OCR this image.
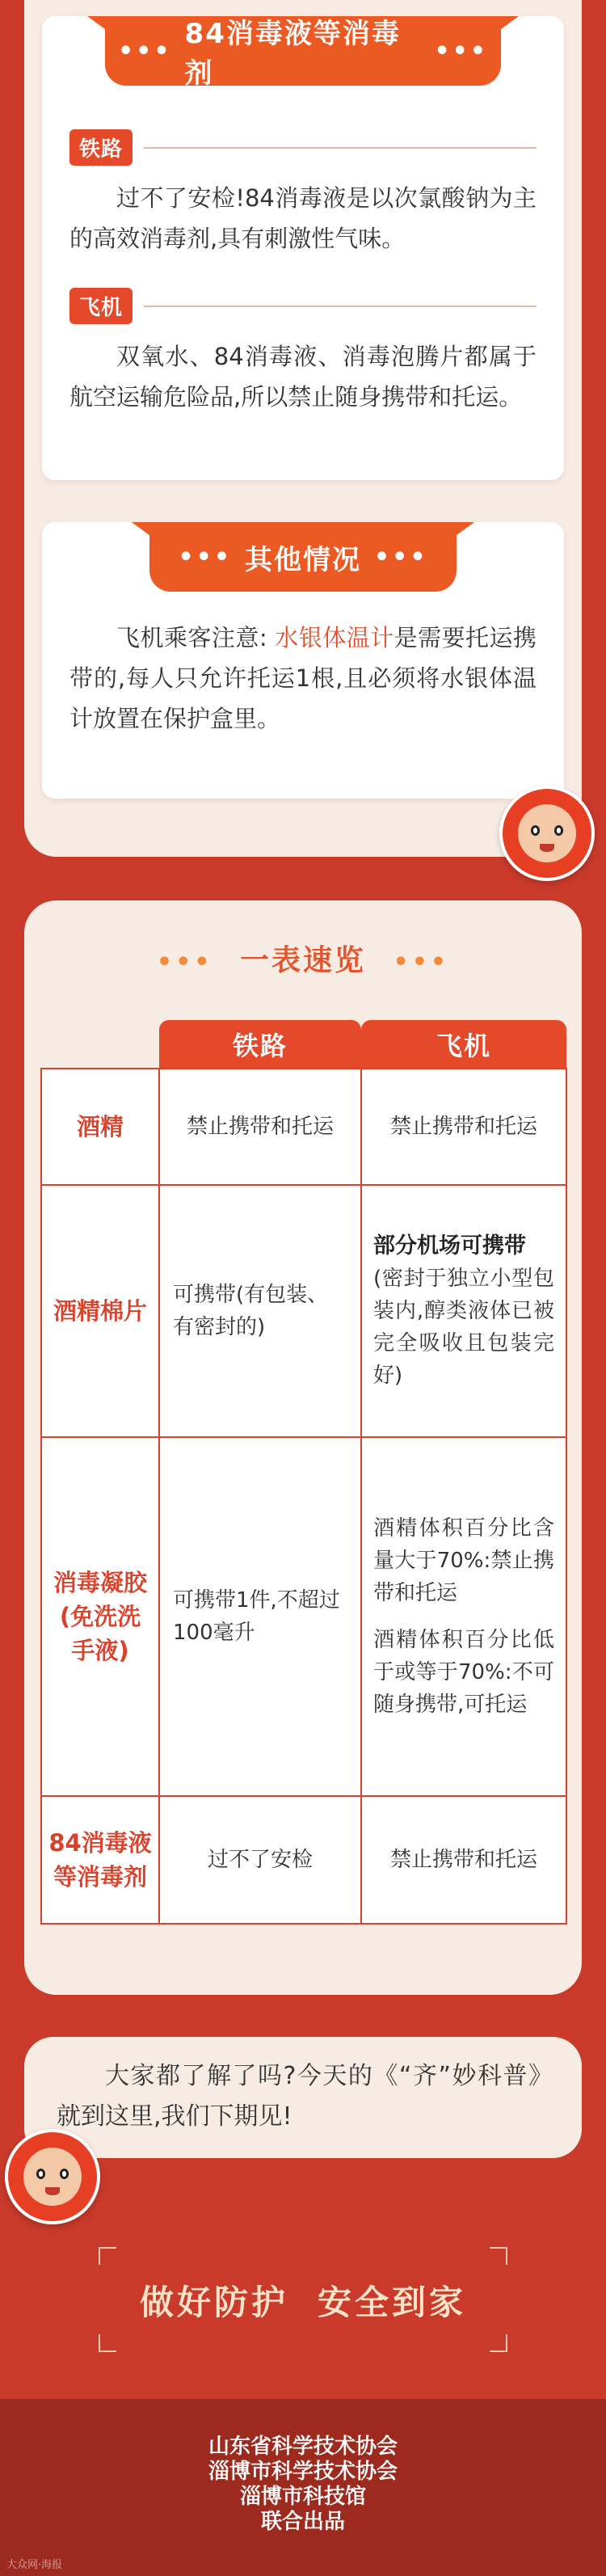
•••
84消毒液等消毒剂
•••
铁路

过不了安检!84消毒液是以次氯酸钠为主的高效消毒剂,具有刺激性气味。

飞机

双氧水、84消毒液、消毒泡腾片都属于航空运输危险品,所以禁止随身携带和托运。

••• 其他情况 •••

飞机乘客注意: 水银体温计是需要托运携带的,每人只允许托运1根,且必须将水银体温计放置在保护盒里。

••• 一表速览 •••
	铁路	飞机
酒精	禁止携带和托运	禁止携带和托运
酒精棉片	可携带(有包装、有密封的)	部分机场可携带
(密封于独立小型包装内,醇类液体已被完全吸收且包装完好)

消毒凝胶(免洗洗手液)	可携带1件,不超过100毫升	酒精体积百分比含量大于70%:禁止携带和托运
酒精体积百分比低于或等于70%:不可随身携带,可托运

84消毒液等消毒剂	过不了安检	禁止携带和托运

大家都了解了吗?今天的《“齐”妙科普》就到这里,我们下期见!

做好防护 安全到家
山东省科学技术协会
淄博市科学技术协会
淄博市科技馆
联合出品
大众网·海报
